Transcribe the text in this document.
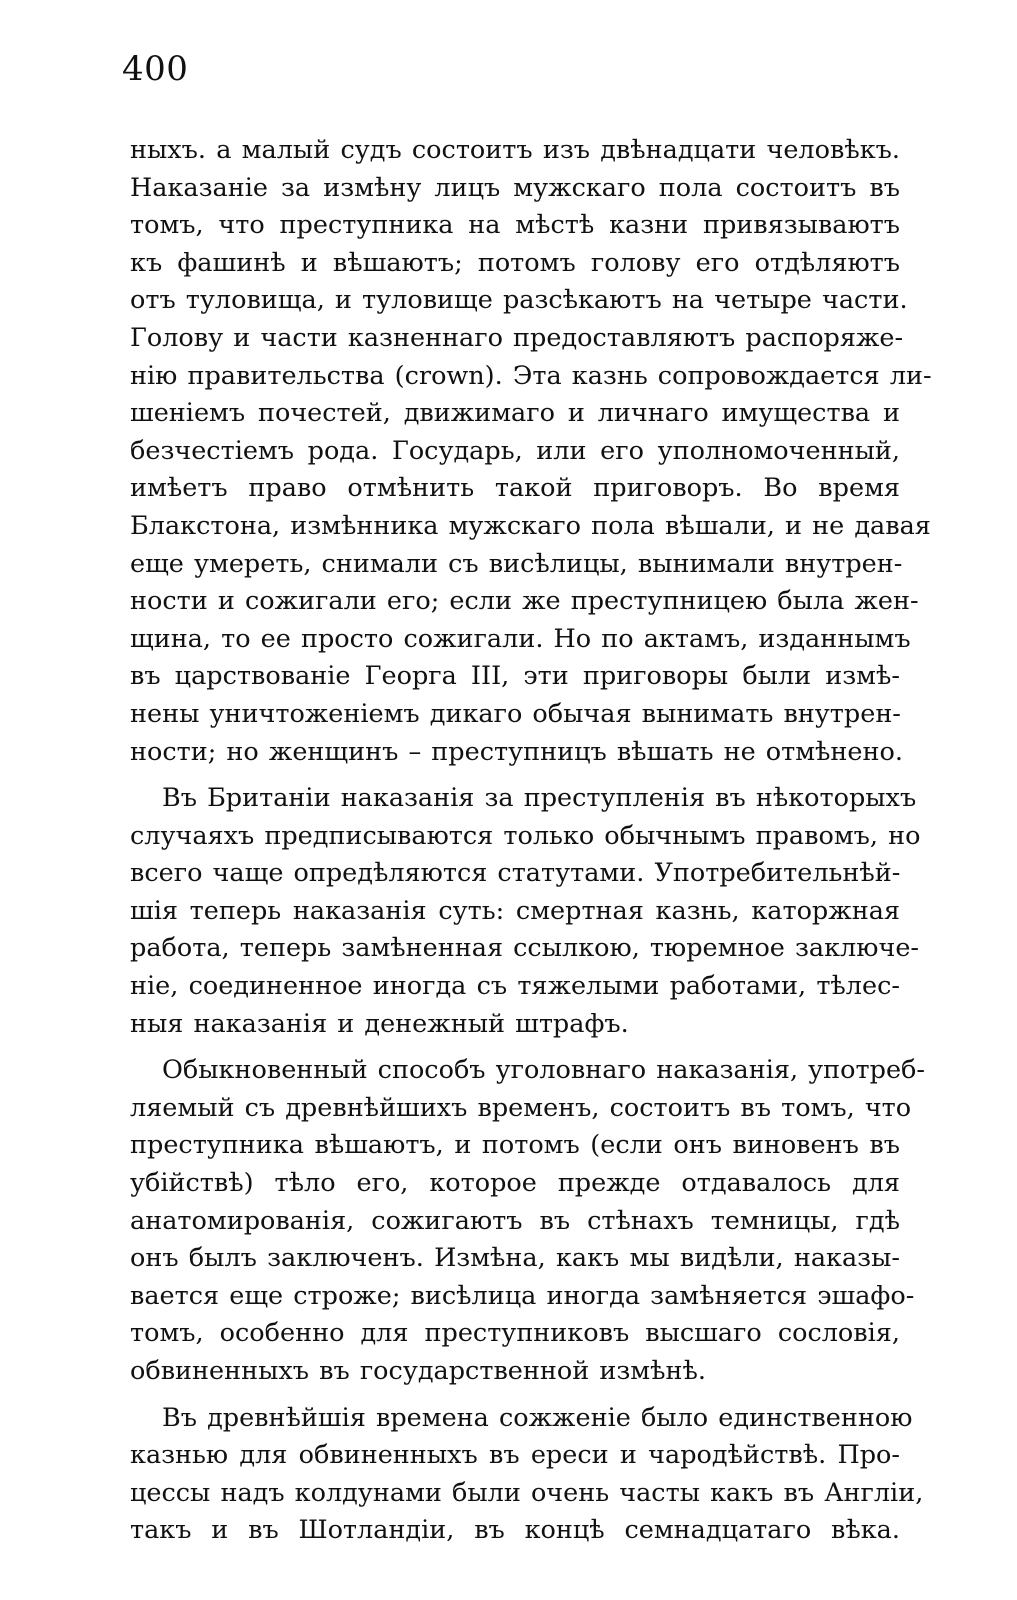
400
ныхъ. а малый судъ состоитъ изъ двѣнадцати человѣкъ.
Наказаніе за измѣну лицъ мужскаго пола состоитъ въ
томъ, что преступника на мѣстѣ казни привязываютъ
къ фашинѣ и вѣшаютъ; потомъ голову его отдѣляютъ
отъ туловища, и туловище разсѣкаютъ на четыре части.
Голову и части казненнаго предоставляютъ распоряже-
нію правительства (crown). Эта казнь сопровождается ли-
шеніемъ почестей, движимаго и личнаго имущества и
безчестіемъ рода. Государь, или его уполномоченный,
имѣетъ право отмѣнить такой приговоръ. Во время
Блакстона, измѣнника мужскаго пола вѣшали, и не давая
еще умереть, снимали съ висѣлицы, вынимали внутрен-
ности и сожигали его; если же преступницею была жен-
щина, то ее просто сожигали. Но по актамъ, изданнымъ
въ царствованіе Георга III, эти приговоры были измѣ-
нены уничтоженіемъ дикаго обычая вынимать внутрен-
ности; но женщинъ – преступницъ вѣшать не отмѣнено.
Въ Британіи наказанія за преступленія въ нѣкоторыхъ
случаяхъ предписываются только обычнымъ правомъ, но
всего чаще опредѣляются статутами. Употребительнѣй-
шія теперь наказанія суть: смертная казнь, каторжная
работа, теперь замѣненная ссылкою, тюремное заключе-
ніе, соединенное иногда съ тяжелыми работами, тѣлес-
ныя наказанія и денежный штрафъ.
Обыкновенный способъ уголовнаго наказанія, употреб-
ляемый съ древнѣйшихъ временъ, состоитъ въ томъ, что
преступника вѣшаютъ, и потомъ (если онъ виновенъ въ
убійствѣ) тѣло его, которое прежде отдавалось для
анатомированія, сожигаютъ въ стѣнахъ темницы, гдѣ
онъ былъ заключенъ. Измѣна, какъ мы видѣли, наказы-
вается еще строже; висѣлица иногда замѣняется эшафо-
томъ, особенно для преступниковъ высшаго сословія,
обвиненныхъ въ государственной измѣнѣ.
Въ древнѣйшія времена сожженіе было единственною
казнью для обвиненныхъ въ ереси и чародѣйствѣ. Про-
цессы надъ колдунами были очень часты какъ въ Англіи,
такъ и въ Шотландіи, въ концѣ семнадцатаго вѣка.
